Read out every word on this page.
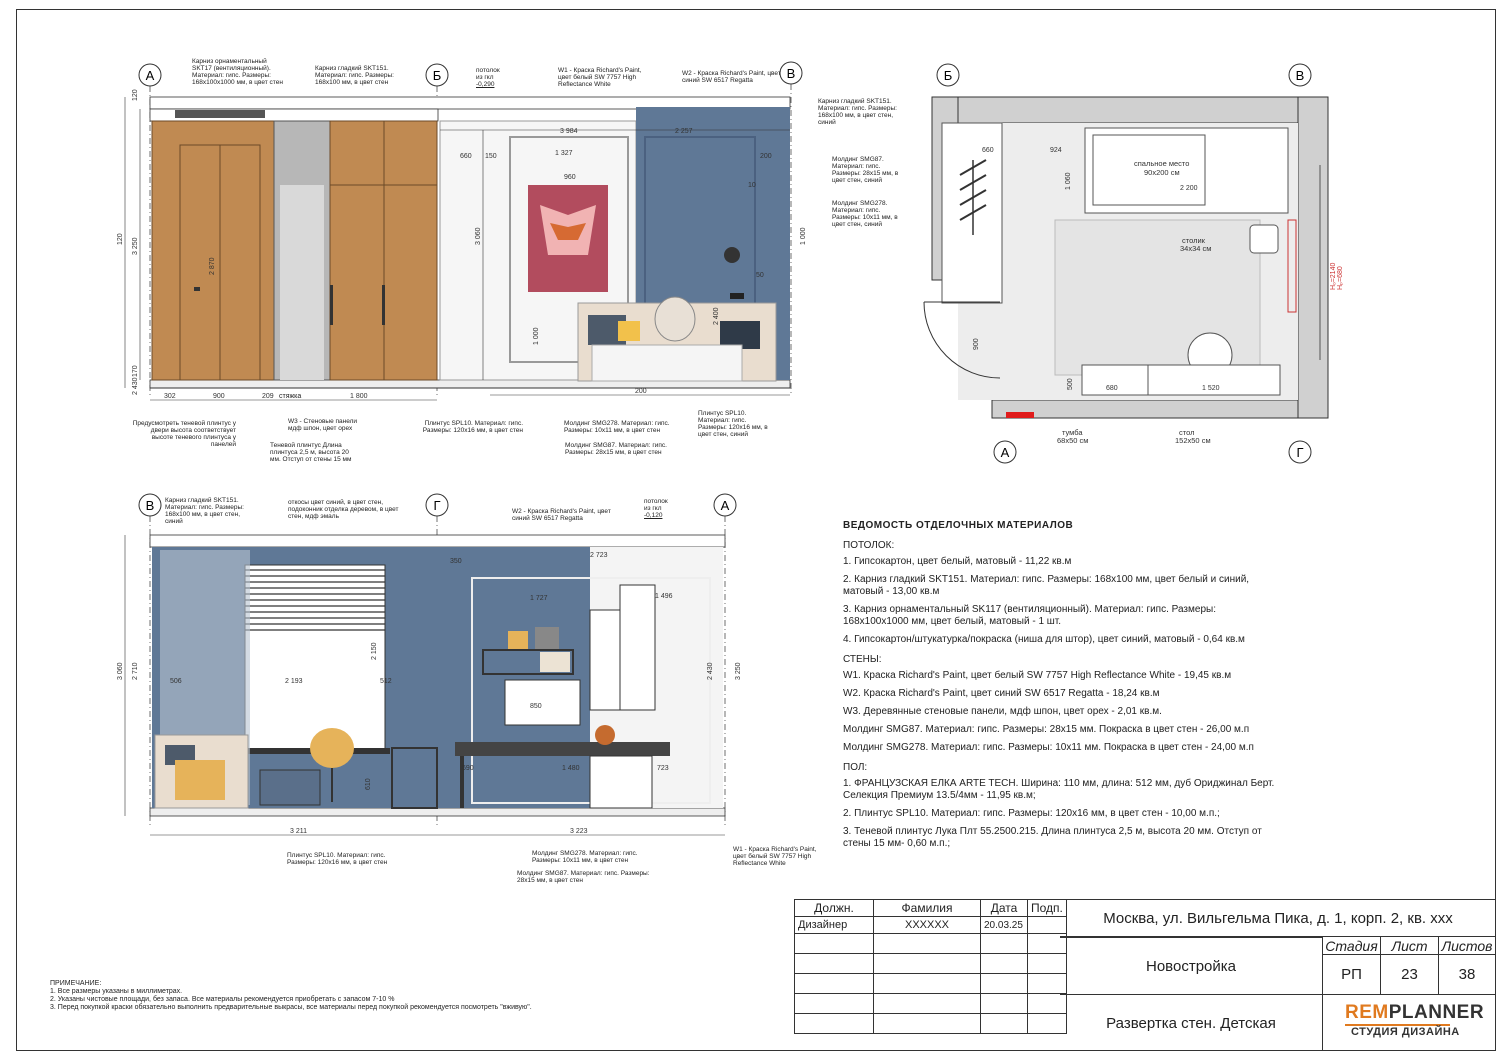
А	Б	В
302	900	209	1 800
200
660 150	1 327
2 257
3 984
200
960
120 3 250
2 870
120
170
2 430
3 060	1 000
1 000
2 400
50
10
Карниз орнаментальный SKT17 (вентиляционный). Материал: гипс. Размеры: 168х100х1000 мм, в цвет стен
Карниз гладкий SKT151. Материал: гипс. Размеры: 168х100 мм, в цвет стен
потолок из гкл
-0,290
W1 - Краска Richard's Paint, цвет белый SW 7757 High Reflectance White
W2 - Краска Richard's Paint, цвет синий SW 6517 Regatta
Карниз гладкий SKT151. Материал: гипс. Размеры: 168х100 мм, в цвет стен, синий
Молдинг SMG87. Материал: гипс. Размеры: 28х15 мм, в цвет стен, синий
Молдинг SMG278. Материал: гипс. Размеры: 10х11 мм, в цвет стен, синий
Предусмотреть теневой плинтус у двери высота соответствует высоте теневого плинтуса у панелей
W3 - Стеновые панели мдф шпон, цвет орех
Теневой плинтус Длина плинтуса 2,5 м, высота 20 мм. Отступ от стены 15 мм
Плинтус SPL10. Материал: гипс. Размеры: 120х16 мм, в цвет стен
Молдинг SMG278. Материал: гипс. Размеры: 10х11 мм, в цвет стен
Молдинг SMG87. Материал: гипс. Размеры: 28х15 мм, в цвет стен
Плинтус SPL10. Материал: гипс. Размеры: 120х16 мм, в цвет стен, синий
стяжка
Б	В
А	Г
660	924
1 060	2 200
900
500	680	1 520
спальное место
90х200 см
столик
34х34 см
тумба
68х50 см
стол
152х50 см
Нₒ=2140 Нₚ=680
В	Г	А
3 211	3 223
2 193
506	512
350
2 723
1 727	1 496
850
690	1 480	723
3 060 2 710
2 150
2 430	3 250
610
Карниз гладкий SKT151. Материал: гипс. Размеры: 168х100 мм, в цвет стен, синий
откосы цвет синий, в цвет стен, подоконник отделка деревом, в цвет стен, мдф эмаль
W2 - Краска Richard's Paint, цвет синий SW 6517 Regatta
потолок из гкл
-0,120
Плинтус SPL10. Материал: гипс. Размеры: 120х16 мм, в цвет стен
Молдинг SMG278. Материал: гипс. Размеры: 10х11 мм, в цвет стен
Молдинг SMG87. Материал: гипс. Размеры: 28х15 мм, в цвет стен
W1 - Краска Richard's Paint, цвет белый SW 7757 High Reflectance White
ВЕДОМОСТЬ ОТДЕЛОЧНЫХ МАТЕРИАЛОВ
ПОТОЛОК:
1. Гипсокартон, цвет белый, матовый - 11,22 кв.м
2. Карниз гладкий SKT151. Материал: гипс. Размеры: 168х100 мм, цвет белый и синий, матовый - 13,00 кв.м
3. Карниз орнаментальный SK117 (вентиляционный). Материал: гипс. Размеры: 168х100х1000 мм, цвет белый, матовый - 1 шт.
4. Гипсокартон/штукатурка/покраска (ниша для штор), цвет синий, матовый - 0,64 кв.м
СТЕНЫ:
W1. Краска Richard's Paint, цвет белый SW 7757 High Reflectance White - 19,45 кв.м
W2. Краска Richard's Paint, цвет синий SW 6517 Regatta - 18,24 кв.м
W3. Деревянные стеновые панели, мдф шпон, цвет орех - 2,01 кв.м.
Молдинг SMG87. Материал: гипс. Размеры: 28х15 мм. Покраска в цвет стен - 26,00 м.п
Молдинг SMG278. Материал: гипс. Размеры: 10х11 мм. Покраска в цвет стен - 24,00 м.п
ПОЛ:
1. ФРАНЦУЗСКАЯ ЕЛКА ARTE TECH. Ширина: 110 мм, длина: 512 мм, дуб Ориджинал Берт. Селекция Премиум 13.5/4мм - 11,95 кв.м;
2. Плинтус SPL10. Материал: гипс. Размеры: 120х16 мм, в цвет стен - 10,00 м.п.;
3. Теневой плинтус Лука Плт 55.2500.215. Длина плинтуса 2,5 м, высота 20 мм. Отступ от стены 15 мм- 0,60 м.п.;
ПРИМЕЧАНИЕ:
1. Все размеры указаны в миллиметрах.
2. Указаны чистовые площади, без запаса. Все материалы рекомендуется приобретать с запасом 7-10 %
3. Перед покупкой краски обязательно выполнить предварительные выкрасы, все материалы перед покупкой рекомендуется посмотреть "вживую".
Должн.	Фамилия	Дата	Подп.
Дизайнер	XXXXXX	20.03.25	

				Москва, ул. Вильгельма Пика, д. 1, корп. 2, кв. xxx
Новостройка
Развертка стен. Детская
Стадия Лист Листов
РП	23	38
REMPLANNER
СТУДИЯ ДИЗАЙНА
